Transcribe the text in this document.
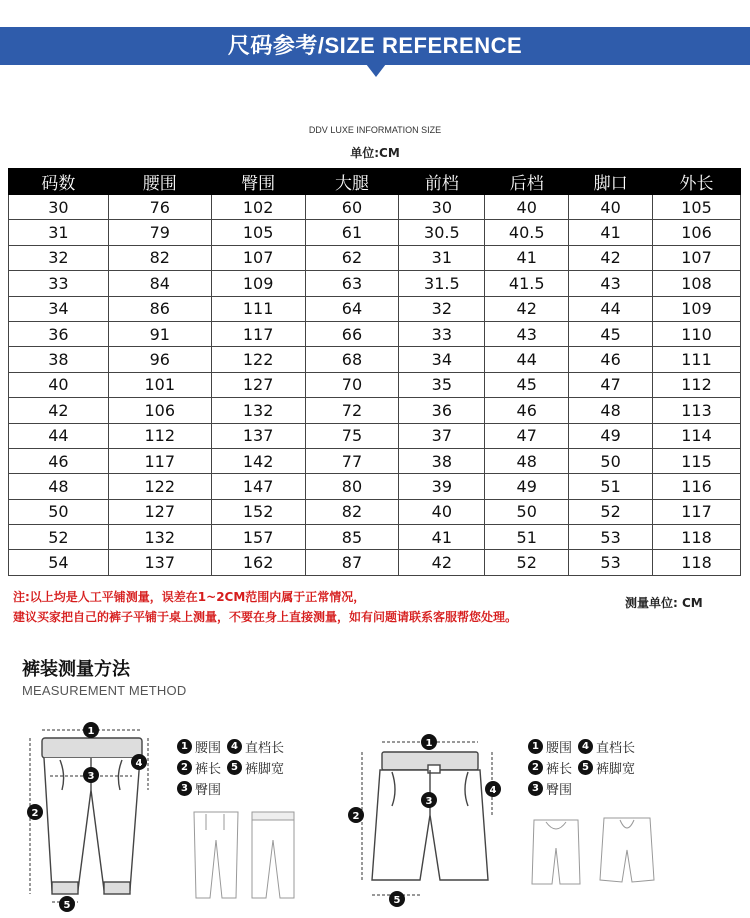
尺码参考/SIZE REFERENCE
DDV LUXE INFORMATION SIZE
单位:CM
码数	腰围	臀围	大腿	前档	后档	脚口	外长
30	76	102	60	30	40	40	105
31	79	105	61	30.5	40.5	41	106
32	82	107	62	31	41	42	107
33	84	109	63	31.5	41.5	43	108
34	86	111	64	32	42	44	109
36	91	117	66	33	43	45	110
38	96	122	68	34	44	46	111
40	101	127	70	35	45	47	112
42	106	132	72	36	46	48	113
44	112	137	75	37	47	49	114
46	117	142	77	38	48	50	115
48	122	147	80	39	49	51	116
50	127	152	82	40	50	52	117
52	132	157	85	41	51	53	118
54	137	162	87	42	52	53	118
注:以上均是人工平铺测量，误差在1~2CM范围内属于正常情况，
建议买家把自己的裤子平铺于桌上测量，不要在身上直接测量，如有问题请联系客服帮您处理。
测量单位: CM
裤装测量方法
MEASUREMENT METHOD
1 腰围	4 直档长
2 裤长	5 裤脚宽
3 臀围
1 腰围	4 直档长
2 裤长	5 裤脚宽
3 臀围
1
2
3
4
5
1
2
3
4
5
